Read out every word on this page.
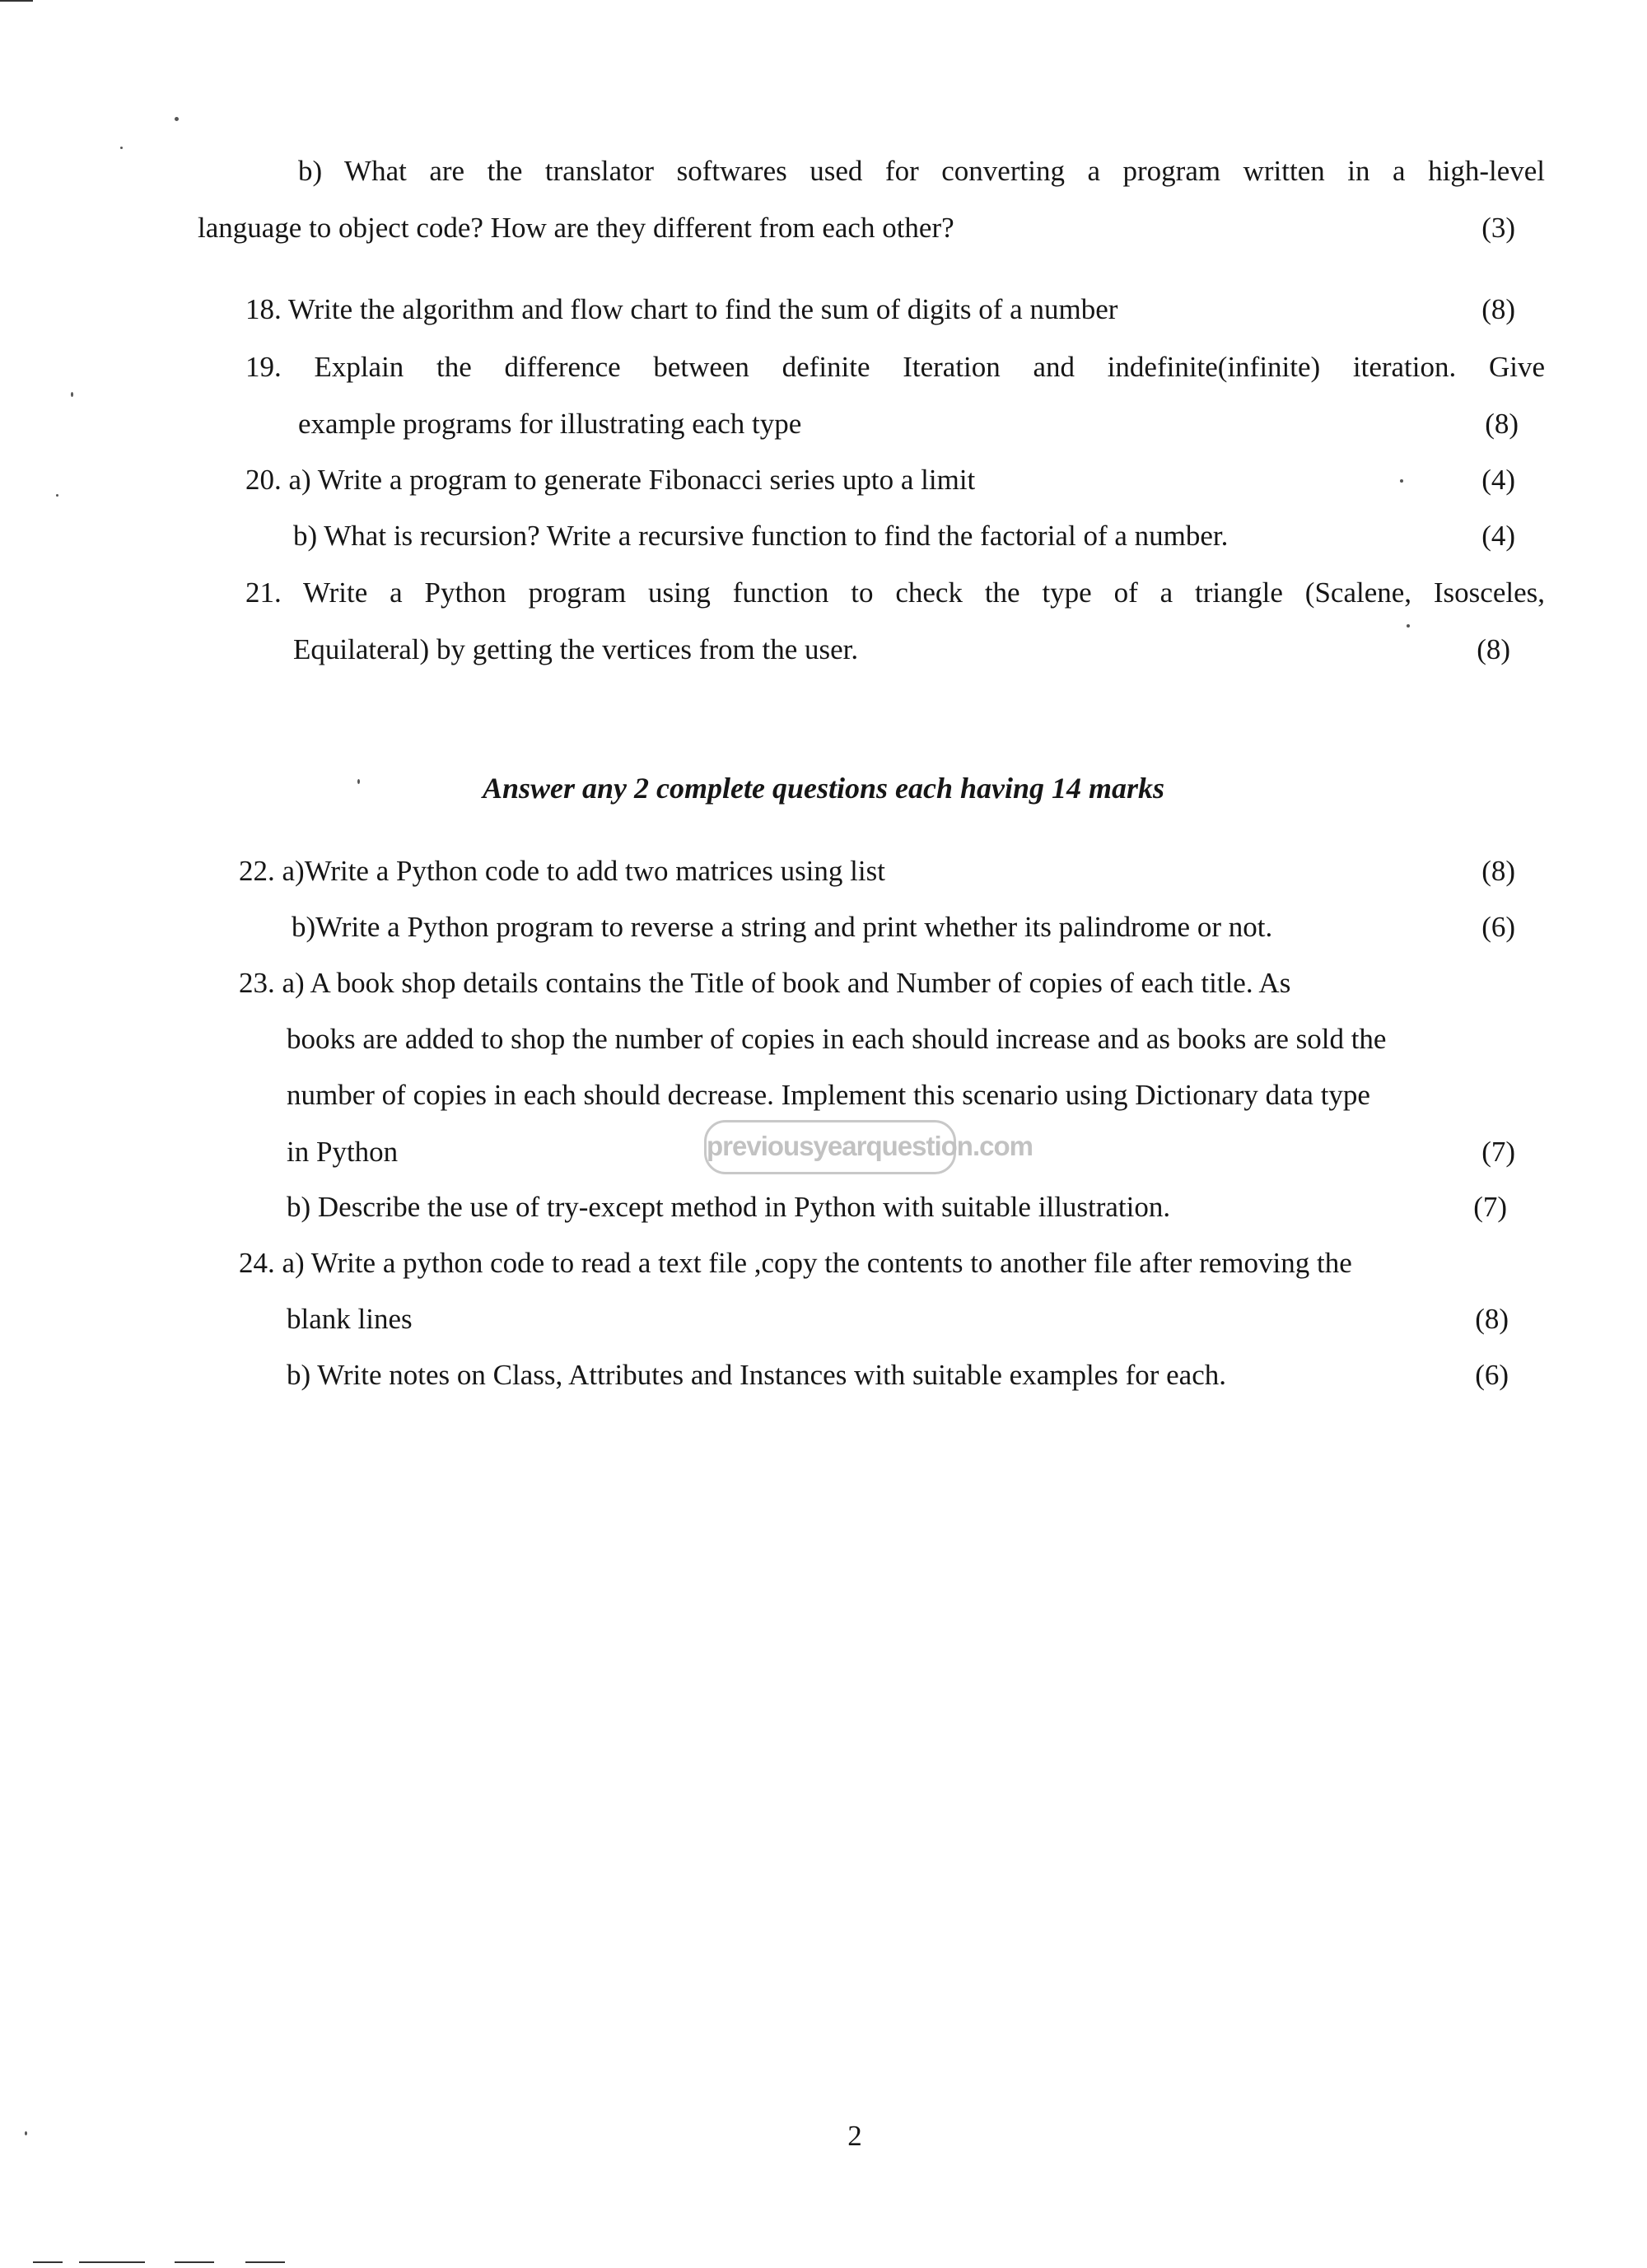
b) What are the translator softwares used for converting a program written in a high-level
language to object code? How are they different from each other?	(3)
18. Write the algorithm and flow chart to find the sum of digits of a number	(8)
19. Explain the difference between definite Iteration and indefinite(infinite) iteration. Give
example programs for illustrating each type	(8)
20. a) Write a program to generate Fibonacci series upto a limit	(4)
b) What is recursion? Write a recursive function to find the factorial of a number.	(4)
21. Write a Python program using function to check the type of a triangle (Scalene, Isosceles,
Equilateral) by getting the vertices from the user.	(8)
Answer any 2 complete questions each having 14 marks
22. a)Write a Python code to add two matrices using list	(8)
b)Write a Python program to reverse a string and print whether its palindrome or not.	(6)
23. a) A book shop details contains the Title of book and Number of copies of each title. As
books are added to shop the number of copies in each should increase and as books are sold the
number of copies in each should decrease. Implement this scenario using Dictionary data type
in Python	(7)
b) Describe the use of try-except method in Python with suitable illustration.	(7)
24. a) Write a python code to read a text file ,copy the contents to another file after removing the
blank lines	(8)
b) Write notes on Class, Attributes and Instances with suitable examples for each.	(6)
previousyearquestion.com
2
